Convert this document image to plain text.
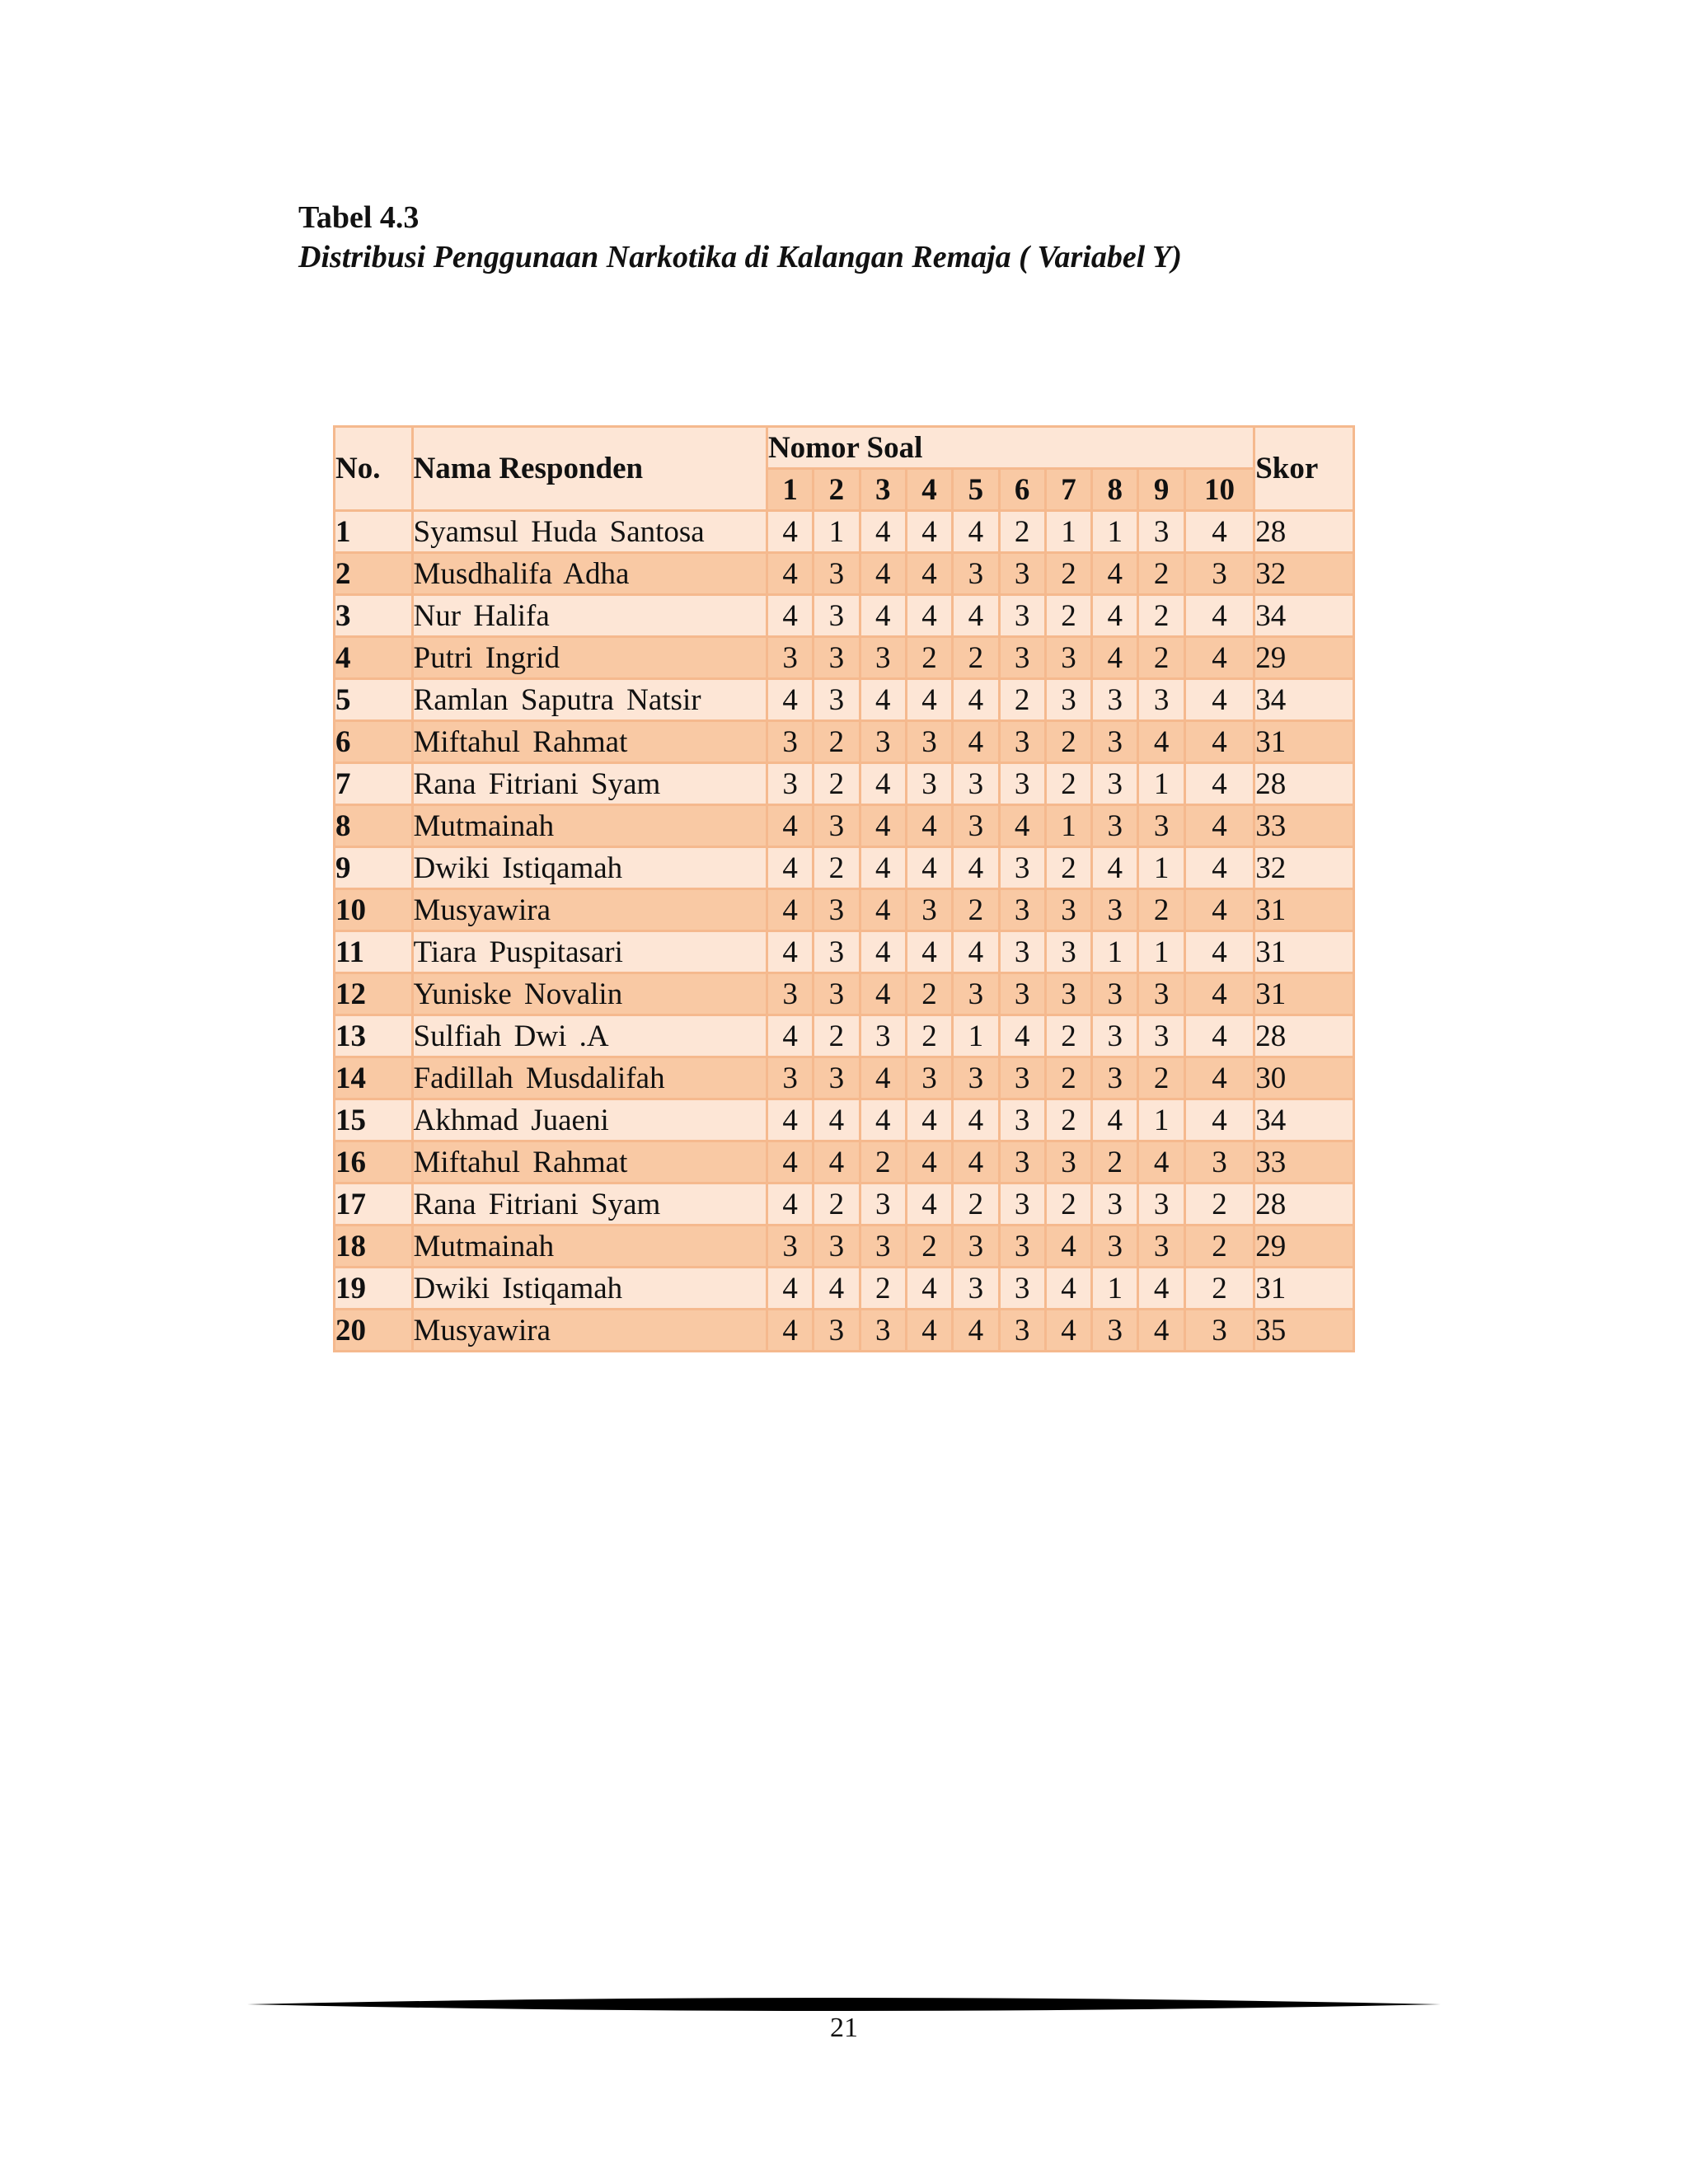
Tabel 4.3
Distribusi Penggunaan Narkotika di Kalangan Remaja ( Variabel Y)
No.	Nama Responden	Nomor Soal										Skor
		1	2	3	4	5	6	7	8	9	10	
1	Syamsul Huda Santosa	4	1	4	4	4	2	1	1	3	4	28
2	Musdhalifa Adha	4	3	4	4	3	3	2	4	2	3	32
3	Nur Halifa	4	3	4	4	4	3	2	4	2	4	34
4	Putri Ingrid	3	3	3	2	2	3	3	4	2	4	29
5	Ramlan Saputra Natsir	4	3	4	4	4	2	3	3	3	4	34
6	Miftahul Rahmat	3	2	3	3	4	3	2	3	4	4	31
7	Rana Fitriani Syam	3	2	4	3	3	3	2	3	1	4	28
8	Mutmainah	4	3	4	4	3	4	1	3	3	4	33
9	Dwiki Istiqamah	4	2	4	4	4	3	2	4	1	4	32
10	Musyawira	4	3	4	3	2	3	3	3	2	4	31
11	Tiara Puspitasari	4	3	4	4	4	3	3	1	1	4	31
12	Yuniske Novalin	3	3	4	2	3	3	3	3	3	4	31
13	Sulfiah Dwi .A	4	2	3	2	1	4	2	3	3	4	28
14	Fadillah Musdalifah	3	3	4	3	3	3	2	3	2	4	30
15	Akhmad Juaeni	4	4	4	4	4	3	2	4	1	4	34
16	Miftahul Rahmat	4	4	2	4	4	3	3	2	4	3	33
17	Rana Fitriani Syam	4	2	3	4	2	3	2	3	3	2	28
18	Mutmainah	3	3	3	2	3	3	4	3	3	2	29
19	Dwiki Istiqamah	4	4	2	4	3	3	4	1	4	2	31
20	Musyawira	4	3	3	4	4	3	4	3	4	3	35
21
